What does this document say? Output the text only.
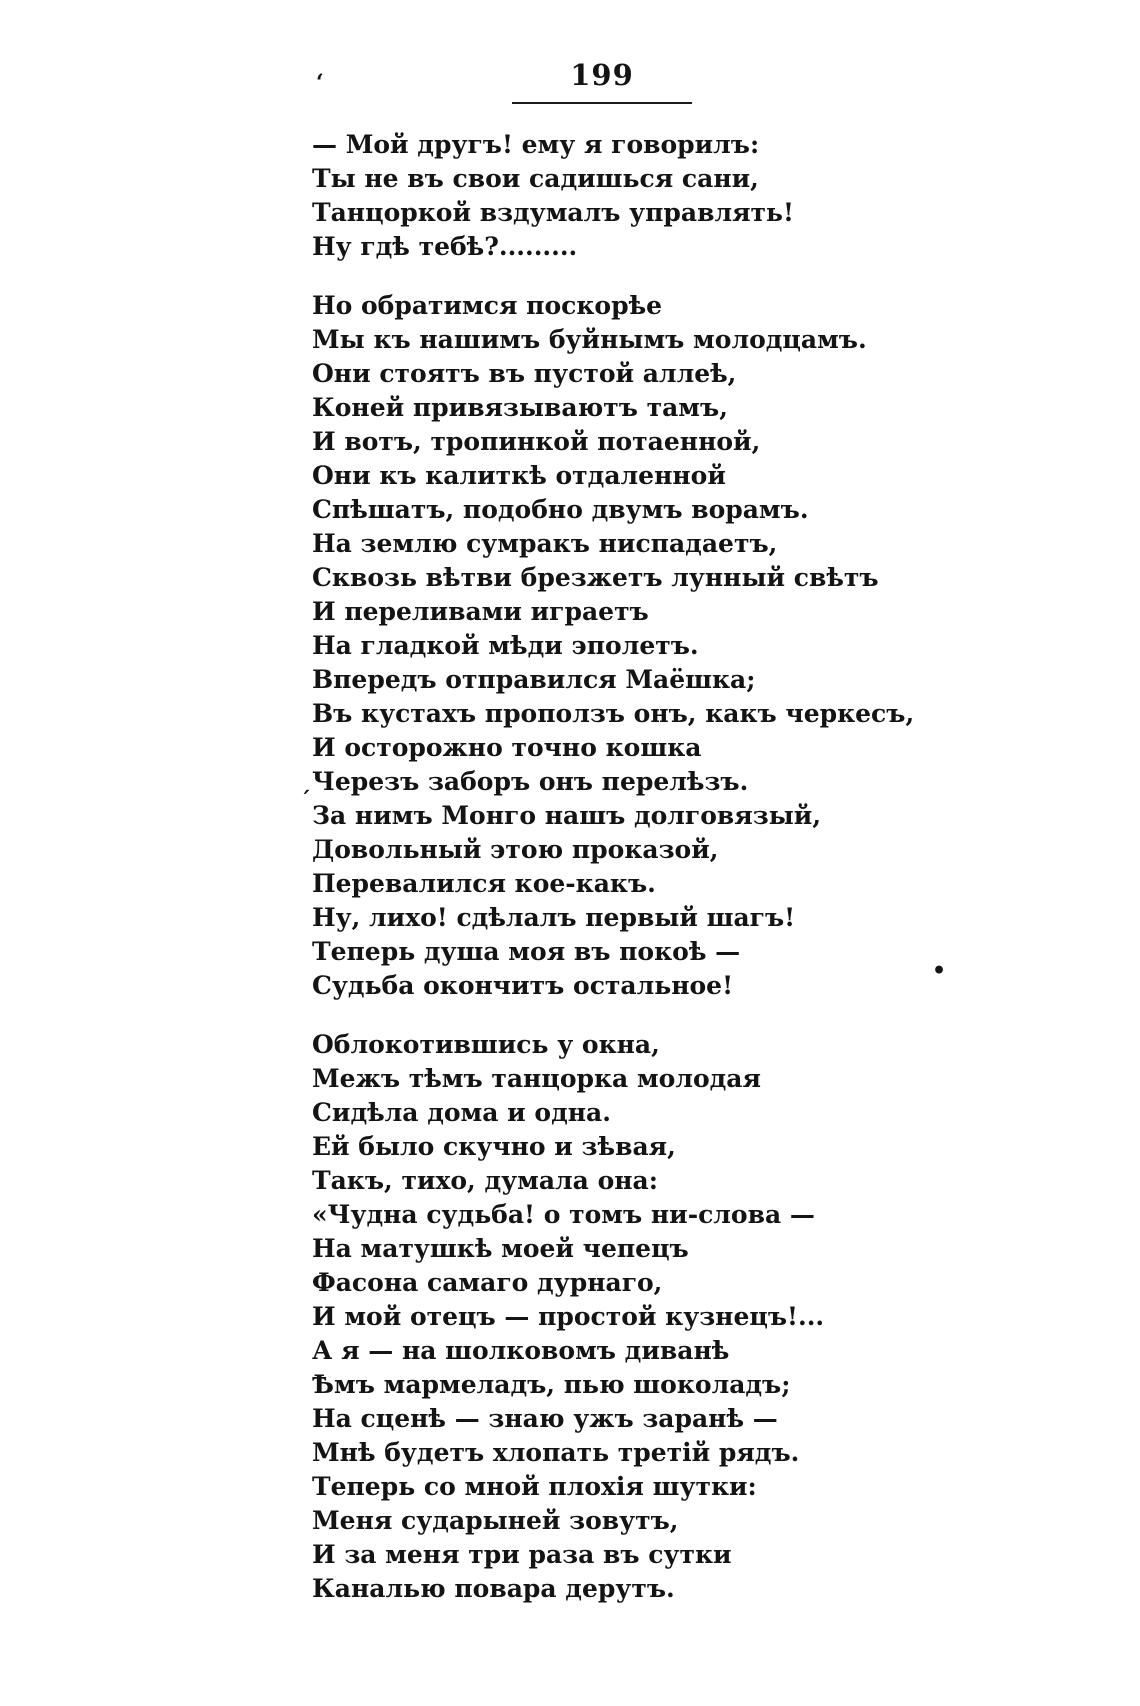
199
ʻ
´
•
— Мой другъ! ему я говорилъ:
Ты не въ свои садишься сани,
Танцоркой вздумалъ управлять!
Ну гдѣ тебѣ?.........
Но обратимся поскорѣе
Мы къ нашимъ буйнымъ молодцамъ.
Они стоятъ въ пустой аллеѣ,
Коней привязываютъ тамъ,
И вотъ, тропинкой потаенной,
Они къ калиткѣ отдаленной
Спѣшатъ, подобно двумъ ворамъ.
На землю сумракъ ниспадаетъ,
Сквозь вѣтви брезжетъ лунный свѣтъ
И переливами играетъ
На гладкой мѣди эполетъ.
Впередъ отправился Маёшка;
Въ кустахъ проползъ онъ, какъ черкесъ,
И осторожно точно кошка
Черезъ заборъ онъ перелѣзъ.
За нимъ Монго нашъ долговязый,
Довольный этою проказой,
Перевалился кое-какъ.
Ну, лихо! сдѣлалъ первый шагъ!
Теперь душа моя въ покоѣ —
Судьба окончитъ остальное!
Облокотившись у окна,
Межъ тѣмъ танцорка молодая
Сидѣла дома и одна.
Ей было скучно и зѣвая,
Такъ, тихо, думала она:
«Чудна судьба! о томъ ни-слова —
На матушкѣ моей чепецъ
Фасона самаго дурнаго,
И мой отецъ — простой кузнецъ!...
А я — на шолковомъ диванѣ
Ѣмъ мармеладъ, пью шоколадъ;
На сценѣ — знаю ужъ заранѣ —
Мнѣ будетъ хлопать третій рядъ.
Теперь со мной плохія шутки:
Меня сударыней зовутъ,
И за меня три раза въ сутки
Каналью повара дерутъ.
